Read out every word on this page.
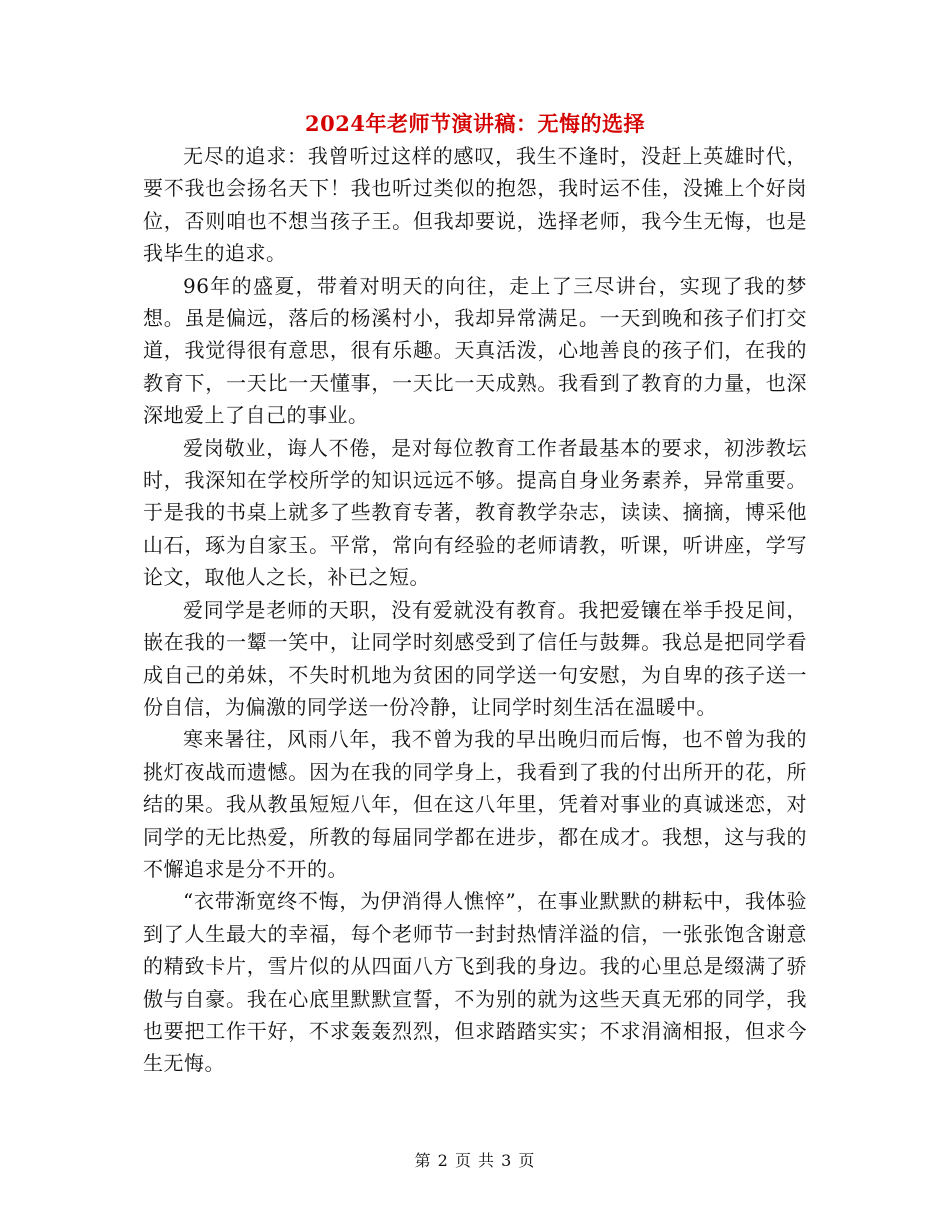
2024年老师节演讲稿：无悔的选择

无尽的追求：我曾听过这样的感叹，我生不逢时，没赶上英雄时代，要不我也会扬名天下！我也听过类似的抱怨，我时运不佳，没摊上个好岗位，否则咱也不想当孩子王。但我却要说，选择老师，我今生无悔，也是我毕生的追求。

96年的盛夏，带着对明天的向往，走上了三尽讲台，实现了我的梦想。虽是偏远，落后的杨溪村小，我却异常满足。一天到晚和孩子们打交道，我觉得很有意思，很有乐趣。天真活泼，心地善良的孩子们，在我的教育下，一天比一天懂事，一天比一天成熟。我看到了教育的力量，也深深地爱上了自己的事业。

爱岗敬业，诲人不倦，是对每位教育工作者最基本的要求，初涉教坛时，我深知在学校所学的知识远远不够。提高自身业务素养，异常重要。于是我的书桌上就多了些教育专著，教育教学杂志，读读、摘摘，博采他山石，琢为自家玉。平常，常向有经验的老师请教，听课，听讲座，学写论文，取他人之长，补已之短。

爱同学是老师的天职，没有爱就没有教育。我把爱镶在举手投足间，嵌在我的一颦一笑中，让同学时刻感受到了信任与鼓舞。我总是把同学看成自己的弟妹，不失时机地为贫困的同学送一句安慰，为自卑的孩子送一份自信，为偏激的同学送一份冷静，让同学时刻生活在温暖中。

寒来暑往，风雨八年，我不曾为我的早出晚归而后悔，也不曾为我的挑灯夜战而遗憾。因为在我的同学身上，我看到了我的付出所开的花，所结的果。我从教虽短短八年，但在这八年里，凭着对事业的真诚迷恋，对同学的无比热爱，所教的每届同学都在进步，都在成才。我想，这与我的不懈追求是分不开的。

“衣带渐宽终不悔，为伊消得人憔悴”，在事业默默的耕耘中，我体验到了人生最大的幸福，每个老师节一封封热情洋溢的信，一张张饱含谢意的精致卡片，雪片似的从四面八方飞到我的身边。我的心里总是缀满了骄傲与自豪。我在心底里默默宣誓，不为别的就为这些天真无邪的同学，我也要把工作干好，不求轰轰烈烈，但求踏踏实实；不求涓滴相报，但求今生无悔。

第 2 页 共 3 页
